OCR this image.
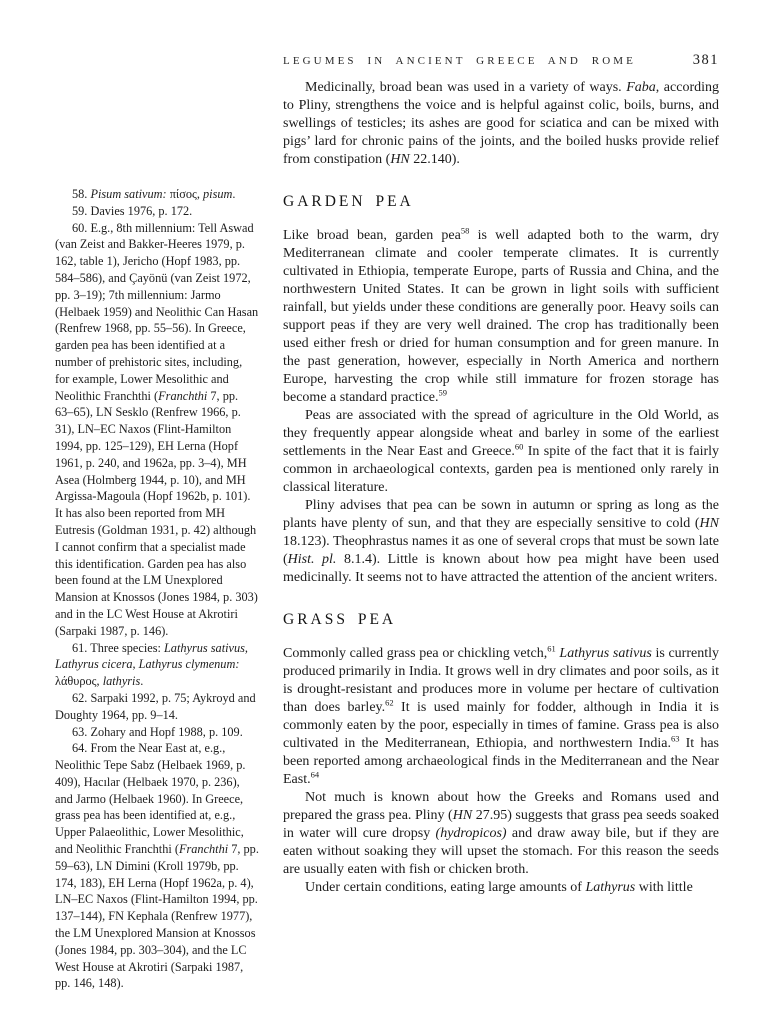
LEGUMES IN ANCIENT GREECE AND ROME	381

58. Pisum sativum: πίσος, pisum.

59. Davies 1976, p. 172.

60. E.g., 8th millennium: Tell Aswad (van Zeist and Bakker-Heeres 1979, p. 162, table 1), Jericho (Hopf 1983, pp. 584–586), and Çayönü (van Zeist 1972, pp. 3–19); 7th millennium: Jarmo (Helbaek 1959) and Neolithic Can Hasan (Renfrew 1968, pp. 55–56). In Greece, garden pea has been identified at a number of prehistoric sites, including, for example, Lower Mesolithic and Neolithic Franchthi (Franchthi 7, pp. 63–65), LN Sesklo (Renfrew 1966, p. 31), LN–EC Naxos (Flint-Hamilton 1994, pp. 125–129), EH Lerna (Hopf 1961, p. 240, and 1962a, pp. 3–4), MH Asea (Holmberg 1944, p. 10), and MH Argissa-Magoula (Hopf 1962b, p. 101). It has also been reported from MH Eutresis (Goldman 1931, p. 42) although I cannot confirm that a specialist made this identification. Garden pea has also been found at the LM Unexplored Mansion at Knossos (Jones 1984, p. 303) and in the LC West House at Akrotiri (Sarpaki 1987, p. 146).

61. Three species: Lathyrus sativus, Lathyrus cicera, Lathyrus clymenum: λάθυρος, lathyris.

62. Sarpaki 1992, p. 75; Aykroyd and Doughty 1964, pp. 9–14.

63. Zohary and Hopf 1988, p. 109.

64. From the Near East at, e.g., Neolithic Tepe Sabz (Helbaek 1969, p. 409), Hacılar (Helbaek 1970, p. 236), and Jarmo (Helbaek 1960). In Greece, grass pea has been identified at, e.g., Upper Palaeolithic, Lower Mesolithic, and Neolithic Franchthi (Franchthi 7, pp. 59–63), LN Dimini (Kroll 1979b, pp. 174, 183), EH Lerna (Hopf 1962a, p. 4), LN–EC Naxos (Flint-Hamilton 1994, pp. 137–144), FN Kephala (Renfrew 1977), the LM Unexplored Mansion at Knossos (Jones 1984, pp. 303–304), and the LC West House at Akrotiri (Sarpaki 1987, pp. 146, 148).

Medicinally, broad bean was used in a variety of ways. Faba, according to Pliny, strengthens the voice and is helpful against colic, boils, burns, and swellings of testicles; its ashes are good for sciatica and can be mixed with pigs’ lard for chronic pains of the joints, and the boiled husks provide relief from constipation (HN 22.140).

GARDEN PEA

Like broad bean, garden pea$^{58}$ is well adapted both to the warm, dry Mediterranean climate and cooler temperate climates. It is currently cultivated in Ethiopia, temperate Europe, parts of Russia and China, and the northwestern United States. It can be grown in light soils with sufficient rainfall, but yields under these conditions are generally poor. Heavy soils can support peas if they are very well drained. The crop has traditionally been used either fresh or dried for human consumption and for green manure. In the past generation, however, especially in North America and northern Europe, harvesting the crop while still immature for frozen storage has become a standard practice.$^{59}$

Peas are associated with the spread of agriculture in the Old World, as they frequently appear alongside wheat and barley in some of the earliest settlements in the Near East and Greece.$^{60}$ In spite of the fact that it is fairly common in archaeological contexts, garden pea is mentioned only rarely in classical literature.

Pliny advises that pea can be sown in autumn or spring as long as the plants have plenty of sun, and that they are especially sensitive to cold (HN 18.123). Theophrastus names it as one of several crops that must be sown late (Hist. pl. 8.1.4). Little is known about how pea might have been used medicinally. It seems not to have attracted the attention of the ancient writers.

GRASS PEA

Commonly called grass pea or chickling vetch,$^{61}$ Lathyrus sativus is currently produced primarily in India. It grows well in dry climates and poor soils, as it is drought-resistant and produces more in volume per hectare of cultivation than does barley.$^{62}$ It is used mainly for fodder, although in India it is commonly eaten by the poor, especially in times of famine. Grass pea is also cultivated in the Mediterranean, Ethiopia, and northwestern India.$^{63}$ It has been reported among archaeological finds in the Mediterranean and the Near East.$^{64}$

Not much is known about how the Greeks and Romans used and prepared the grass pea. Pliny (HN 27.95) suggests that grass pea seeds soaked in water will cure dropsy (hydropicos) and draw away bile, but if they are eaten without soaking they will upset the stomach. For this reason the seeds are usually eaten with fish or chicken broth.

Under certain conditions, eating large amounts of Lathyrus with little
